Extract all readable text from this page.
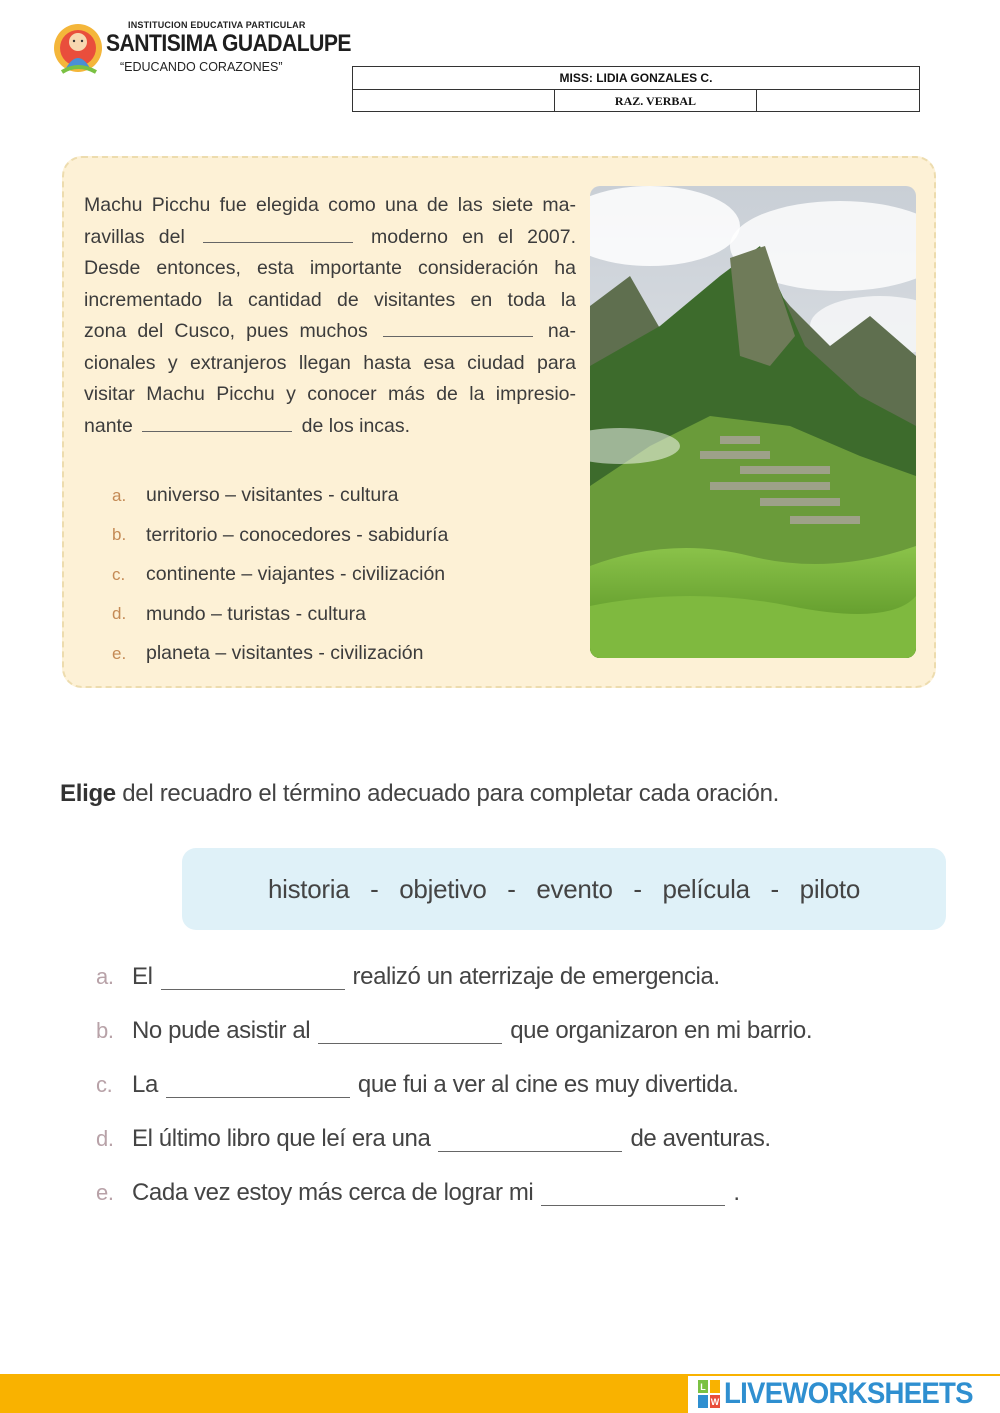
INSTITUCION EDUCATIVA PARTICULAR
SANTISIMA GUADALUPE
“EDUCANDO CORAZONES”
MISS: LIDIA GONZALES C.
RAZ. VERBAL
Machu Picchu fue elegida como una de las siete ma-
ravillas del	moderno en el 2007.
Desde entonces, esta importante consideración ha
incrementado la cantidad de visitantes en toda la
zona del Cusco, pues muchos	na-
cionales y extranjeros llegan hasta esa ciudad para
visitar Machu Picchu y conocer más de la impresio-
nante	de los incas.
a.	universo – visitantes - cultura
b.	territorio – conocedores - sabiduría
c.	continente – viajantes - civilización
d.	mundo – turistas - cultura
e.	planeta – visitantes - civilización
Elige del recuadro el término adecuado para completar cada oración.
historia   -   objetivo   -   evento   -   película   -   piloto
a. El	realizó un aterrizaje de emergencia.
b. No pude asistir al	que organizaron en mi barrio.
c. La	que fui a ver al cine es muy divertida.
d. El último libro que leí era una	de aventuras.
e. Cada vez estoy más cerca de lograr mi	.
L
W LIVEWORKSHEETS
